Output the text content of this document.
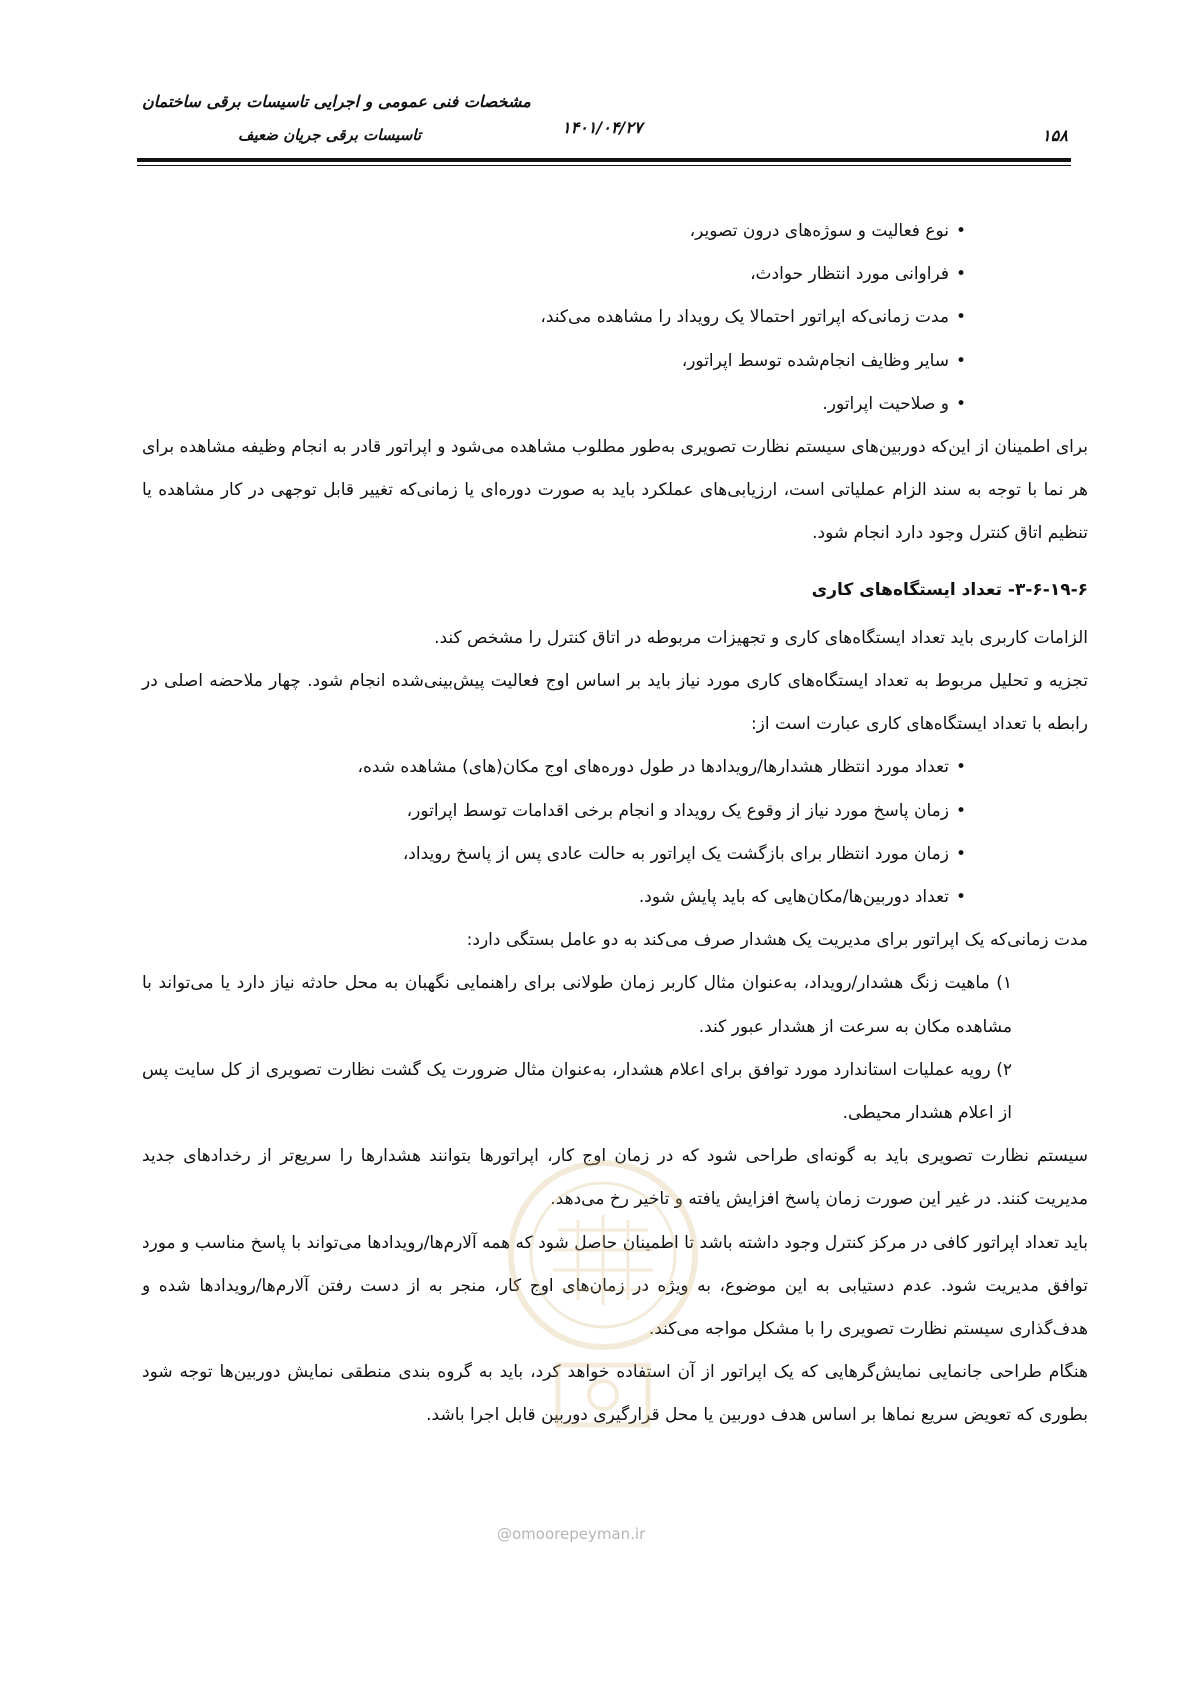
مشخصات فنی عمومی و اجرایی تاسیسات برقی ساختمان
تاسیسات برقی جریان ضعیف	۱۴۰۱/۰۴/۲۷	۱۵۸
• نوع فعالیت و سوژه‌های درون تصویر،
• فراوانی مورد انتظار حوادث،
• مدت زمانی‌که اپراتور احتمالا یک رویداد را مشاهده می‌کند،
• سایر وظایف انجام‌شده توسط اپراتور،
• و صلاحیت اپراتور.

برای اطمینان از این‌که دوربین‌های سیستم نظارت تصویری به‌طور مطلوب مشاهده می‌شود و اپراتور قادر به انجام وظیفه مشاهده برای هر نما با توجه به سند الزام عملیاتی است، ارزیابی‌های عملکرد باید به صورت دوره‌ای یا زمانی‌که تغییر قابل توجهی در کار مشاهده یا تنظیم اتاق کنترل وجود دارد انجام شود.

۳-۶-۱۹-۶- تعداد ایستگاه‌های کاری

الزامات کاربری باید تعداد ایستگاه‌های کاری و تجهیزات مربوطه در اتاق کنترل را مشخص کند.

تجزیه و تحلیل مربوط به تعداد ایستگاه‌های کاری مورد نیاز باید بر اساس اوج فعالیت پیش‌بینی‌شده انجام شود. چهار ملاحضه اصلی در رابطه با تعداد ایستگاه‌های کاری عبارت است از:

• تعداد مورد انتظار هشدارها/رویدادها در طول دوره‌های اوج مکان(های) مشاهده شده،
• زمان پاسخ مورد نیاز از وقوع یک رویداد و انجام برخی اقدامات توسط اپراتور،
• زمان مورد انتظار برای بازگشت یک اپراتور به حالت عادی پس از پاسخ رویداد،
• تعداد دوربین‌ها/مکان‌هایی که باید پایش شود.

مدت زمانی‌که یک اپراتور برای مدیریت یک هشدار صرف می‌کند به دو عامل بستگی دارد:

۱) ماهیت زنگ هشدار/رویداد، به‌عنوان مثال کاربر زمان طولانی برای راهنمایی نگهبان به محل حادثه نیاز دارد یا می‌تواند با مشاهده مکان به سرعت از هشدار عبور کند.

۲) رویه عملیات استاندارد مورد توافق برای اعلام هشدار، به‌عنوان مثال ضرورت یک گشت نظارت تصویری از کل سایت پس از اعلام هشدار محیطی.

سیستم نظارت تصویری باید به گونه‌ای طراحی شود که در زمان اوج کار، اپراتورها بتوانند هشدارها را سریع‌تر از رخدادهای جدید مدیریت کنند. در غیر این صورت زمان پاسخ افزایش یافته و تاخیر رخ می‌دهد.

باید تعداد اپراتور کافی در مرکز کنترل وجود داشته باشد تا اطمینان حاصل شود که همه آلارم‌ها/رویدادها می‌تواند با پاسخ مناسب و مورد توافق مدیریت شود. عدم دستیابی به این موضوع، به ویژه در زمان‌های اوج کار، منجر به از دست رفتن آلارم‌ها/رویدادها شده و هدف‌گذاری سیستم نظارت تصویری را با مشکل مواجه می‌کند.

هنگام طراحی جانمایی نمایش‌گرهایی که یک اپراتور از آن استفاده خواهد کرد، باید به گروه بندی منطقی نمایش دوربین‌ها توجه شود بطوری که تعویض سریع نماها بر اساس هدف دوربین یا محل قرارگیری دوربین قابل اجرا باشد.

@omoorepeyman.ir
